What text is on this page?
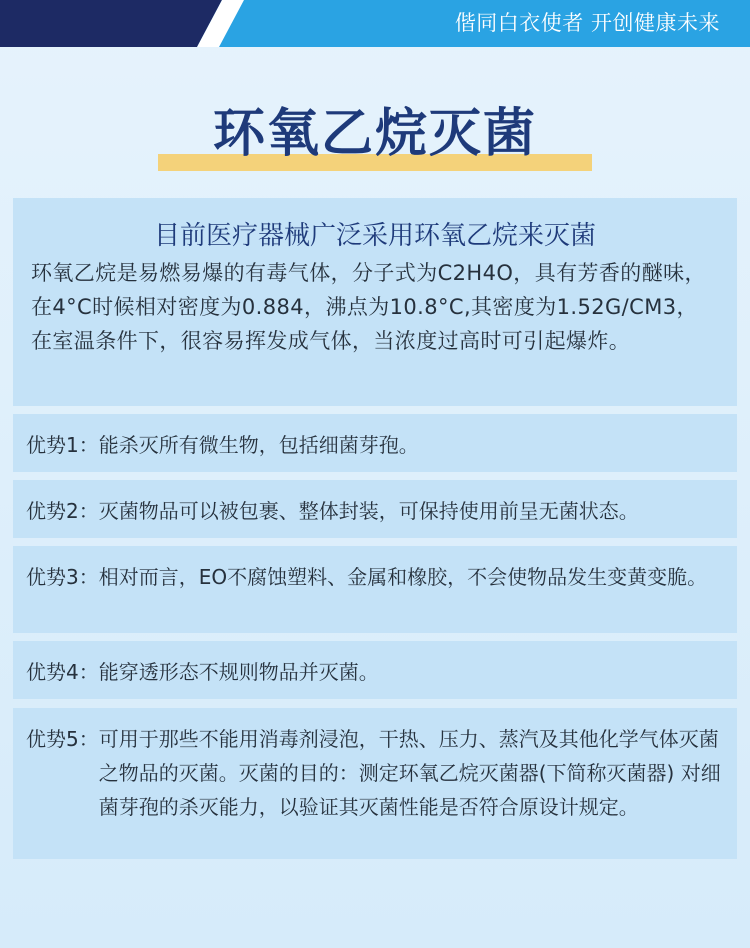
偕同白衣使者 开创健康未来
环氧乙烷灭菌
目前医疗器械广泛采用环氧乙烷来灭菌
环氧乙烷是易燃易爆的有毒气体，分子式为C2H4O，具有芳香的醚味，在4°C时候相对密度为0.884，沸点为10.8°C,其密度为1.52G/CM3，在室温条件下，很容易挥发成气体，当浓度过高时可引起爆炸。
优势1： 能杀灭所有微生物，包括细菌芽孢。
优势2： 灭菌物品可以被包裹、整体封装，可保持使用前呈无菌状态。
优势3： 相对而言，EO不腐蚀塑料、金属和橡胶，不会使物品发生变黄变脆。
优势4： 能穿透形态不规则物品并灭菌。
优势5： 可用于那些不能用消毒剂浸泡，干热、压力、蒸汽及其他化学气体灭菌之物品的灭菌。灭菌的目的：测定环氧乙烷灭菌器(下简称灭菌器) 对细菌芽孢的杀灭能力，以验证其灭菌性能是否符合原设计规定。
